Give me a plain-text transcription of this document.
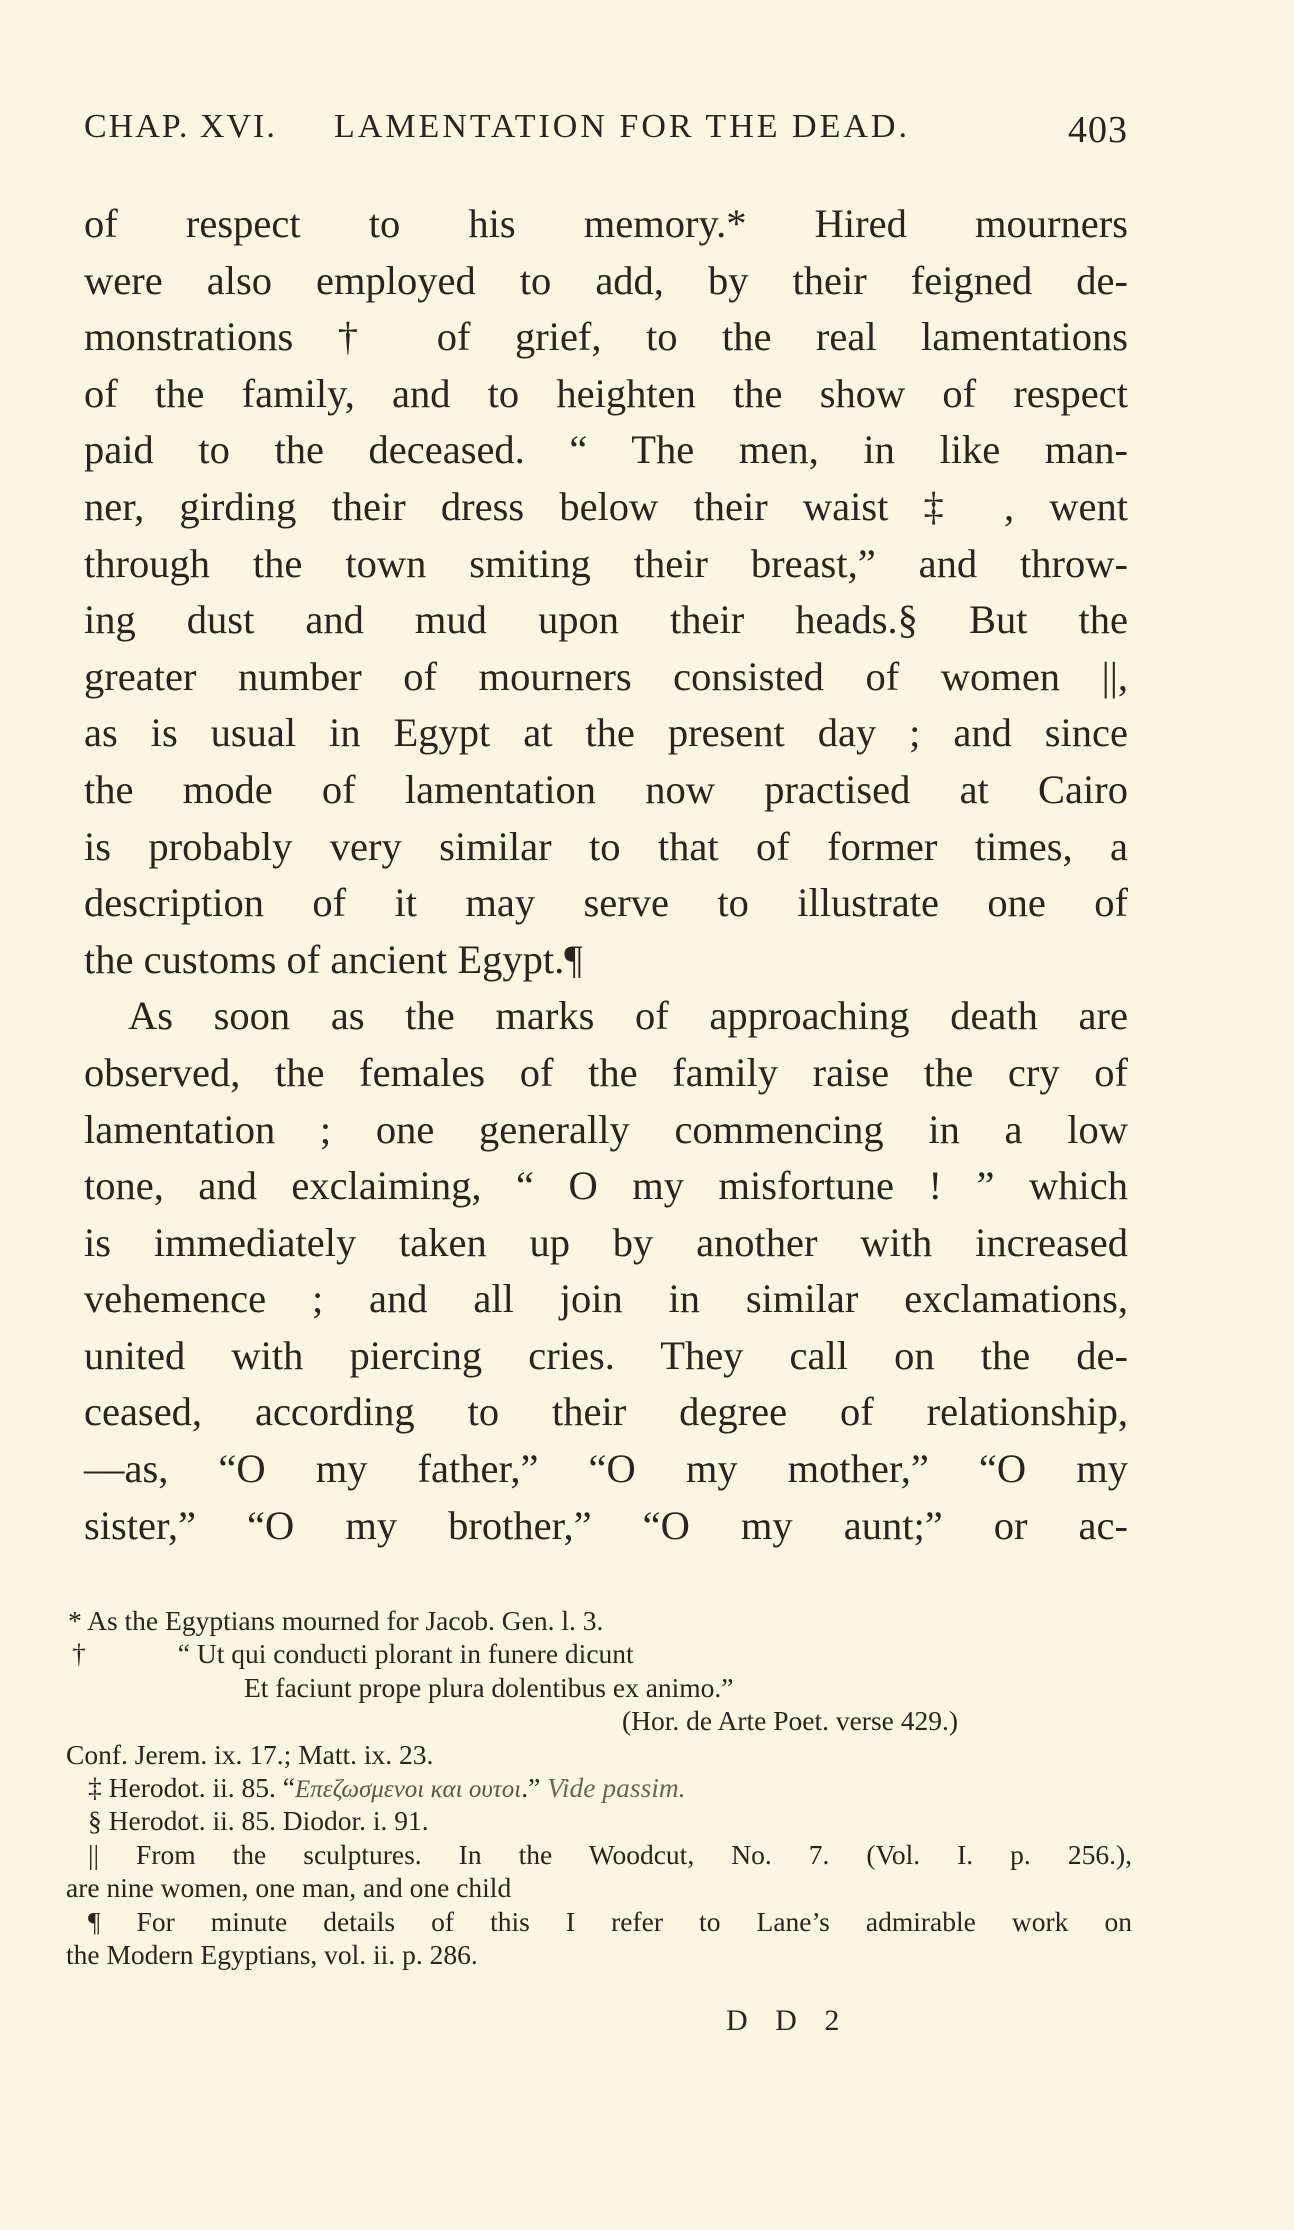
CHAP. XVI. LAMENTATION FOR THE DEAD.	403
of respect to his memory.* Hired mourners
were also employed to add, by their feigned de-
monstrations † of grief, to the real lamentations
of the family, and to heighten the show of respect
paid to the deceased. “ The men, in like man-
ner, girding their dress below their waist ‡ , went
through the town smiting their breast,” and throw-
ing dust and mud upon their heads.§ But the
greater number of mourners consisted of women ||,
as is usual in Egypt at the present day ; and since
the mode of lamentation now practised at Cairo
is probably very similar to that of former times, a
description of it may serve to illustrate one of
the customs of ancient Egypt.¶
As soon as the marks of approaching death are
observed, the females of the family raise the cry of
lamentation ; one generally commencing in a low
tone, and exclaiming, “ O my misfortune ! ” which
is immediately taken up by another with increased
vehemence ; and all join in similar exclamations,
united with piercing cries. They call on the de-
ceased, according to their degree of relationship,
—as, “O my father,” “O my mother,” “O my
sister,” “O my brother,” “O my aunt;” or ac-
* As the Egyptians mourned for Jacob. Gen. l. 3.
†	“ Ut qui conducti plorant in funere dicunt
Et faciunt prope plura dolentibus ex animo.”
(Hor. de Arte Poet. verse 429.)
Conf. Jerem. ix. 17.; Matt. ix. 23.
‡ Herodot. ii. 85. “Επεζωσμενοι και ουτοι.” Vide passim.
§ Herodot. ii. 85. Diodor. i. 91.
|| From the sculptures. In the Woodcut, No. 7. (Vol. I. p. 256.),
are nine women, one man, and one child
¶ For minute details of this I refer to Lane’s admirable work on
the Modern Egyptians, vol. ii. p. 286.
D D 2
